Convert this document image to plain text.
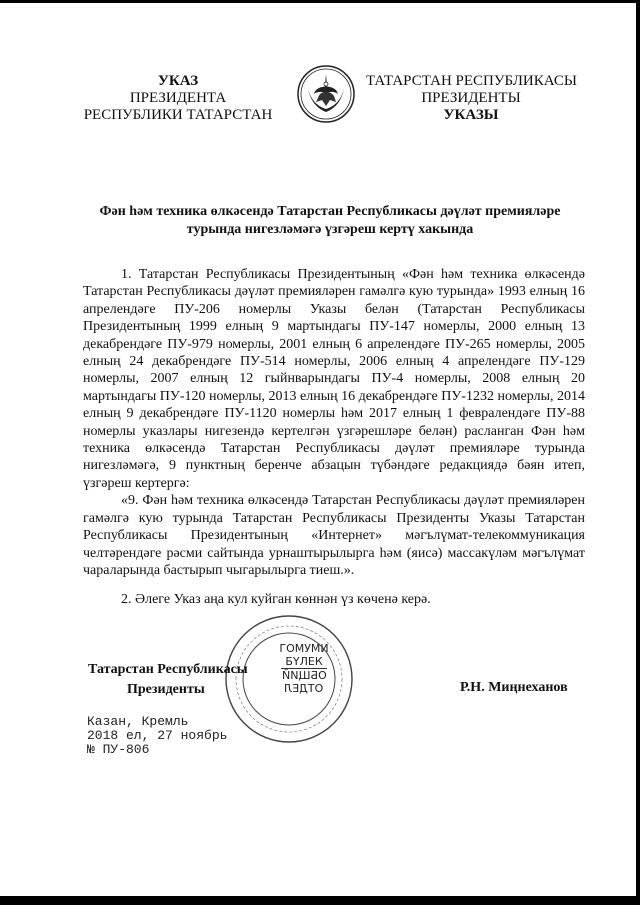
УКАЗ
ПРЕЗИДЕНТА
РЕСПУБЛИКИ ТАТАРСТАН
ТАТАРСТАН РЕСПУБЛИКАСЫ
ПРЕЗИДЕНТЫ
УКАЗЫ
Фән һәм техника өлкәсендә Татарстан Республикасы дәүләт премияләре
турында нигезләмәгә үзгәреш кертү хакында

1. Татарстан Республикасы Президентының «Фән һәм техника өлкәсендә Татарстан Республикасы дәүләт премияләрен гамәлгә кую турында» 1993 елның 16 апрелендәге ПУ-206 номерлы Указы белән (Татарстан Республикасы Президентының 1999 елның 9 мартындагы ПУ-147 номерлы, 2000 елның 13 декабрендәге ПУ-979 номерлы, 2001 елның 6 апрелендәге ПУ-265 номерлы, 2005 елның 24 декабрендәге ПУ-514 номерлы, 2006 елның 4 апрелендәге ПУ-129 номерлы, 2007 елның 12 гыйнварындагы ПУ-4 номерлы, 2008 елның 20 мартындагы ПУ-120 номерлы, 2013 елның 16 декабрендәге ПУ-1232 номерлы, 2014 елның 9 декабрендәге ПУ-1120 номерлы һәм 2017 елның 1 февралендәге ПУ-88 номерлы указлары нигезендә кертелгән үзгәрешләре белән) расланган Фән һәм техника өлкәсендә Татарстан Республикасы дәүләт премияләре турында нигезләмәгә, 9 пунктның беренче абзацын түбәндәге редакциядә бәян итеп, үзгәреш кертергә:

«9. Фән һәм техника өлкәсендә Татарстан Республикасы дәүләт премияләрен гамәлгә кую турында Татарстан Республикасы Президенты Указы Татарстан Республикасы Президентының «Интернет» мәгълүмат-телекоммуникация челтәрендәге рәсми сайтында урнаштырылырга һәм (яисә) массакүләм мәгълүмат чараларында бастырып чыгарылырга тиеш.».

2. Әлеге Указ аңа кул куйган көннән үз көченә керә.

ГОМУМИ
БҮЛЕК
ОБЩИЙ
ОТДЕЛ
Татарстан Республикасы
Президенты	Р.Н. Миңнеханов
Казан, Кремль
2018 ел, 27 ноябрь
№ ПУ-806
